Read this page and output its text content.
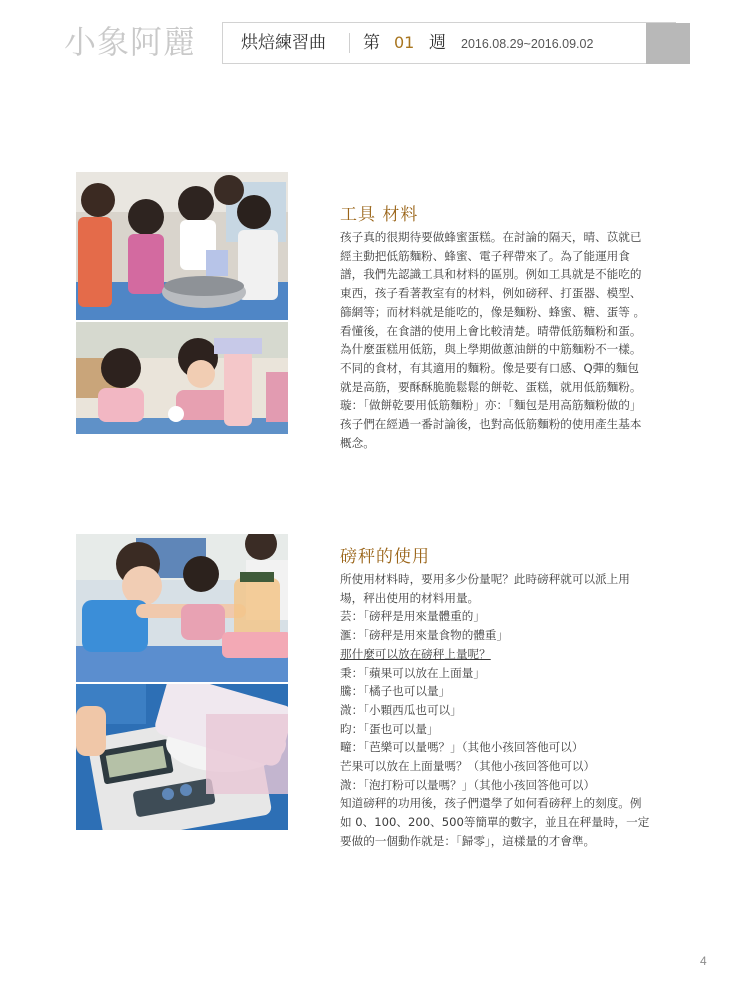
小象阿麗	烘焙練習曲 第 01 週 2016.08.29~2016.09.02
工具 材料
孩子真的很期待要做蜂蜜蛋糕。在討論的隔天，晴、苡就已
經主動把低筋麵粉、蜂蜜、電子秤帶來了。為了能運用食
譜，我們先認識工具和材料的區別。例如工具就是不能吃的
東西，孩子看著教室有的材料，例如磅秤、打蛋器、模型、
篩網等；而材料就是能吃的，像是麵粉、蜂蜜、糖、蛋等 。
看懂後，在食譜的使用上會比較清楚。晴帶低筋麵粉和蛋。
為什麼蛋糕用低筋，與上學期做蔥油餅的中筋麵粉不一樣。
不同的食材，有其適用的麵粉。像是要有口感、Q彈的麵包
就是高筋，要酥酥脆脆鬆鬆的餅乾、蛋糕，就用低筋麵粉。
璇：「做餅乾要用低筋麵粉」亦：「麵包是用高筋麵粉做的」
孩子們在經過一番討論後，也對高低筋麵粉的使用產生基本
概念。
磅秤的使用
所使用材料時，要用多少份量呢？此時磅秤就可以派上用
場，秤出使用的材料用量。
芸：「磅秤是用來量體重的」
滙：「磅秤是用來量食物的體重」
那什麼可以放在磅秤上量呢？
秉：「蘋果可以放在上面量」
騰：「橘子也可以量」
溦：「小顆西瓜也可以」
昀：「蛋也可以量」
疃：「芭樂可以量嗎？」（其他小孩回答他可以）
芒果可以放在上面量嗎？（其他小孩回答他可以）
溦：「泡打粉可以量嗎？」（其他小孩回答他可以）
知道磅秤的功用後，孩子們還學了如何看磅秤上的刻度。例
如 0、100、200、500等簡單的數字，並且在秤量時，一定
要做的一個動作就是：「歸零」，這樣量的才會準。
4
